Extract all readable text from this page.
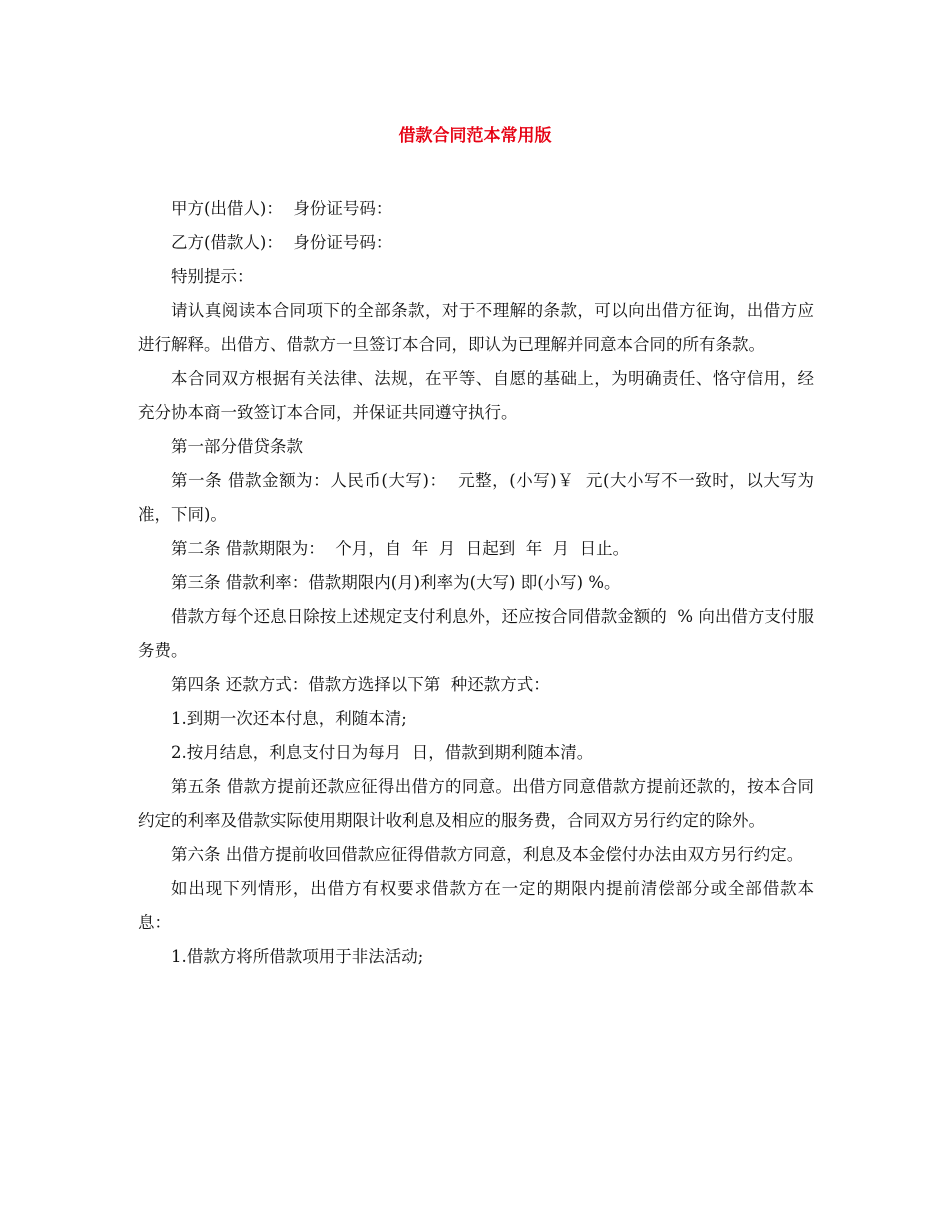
借款合同范本常用版

甲方(出借人)：  身份证号码：

乙方(借款人)：  身份证号码：

特别提示：

请认真阅读本合同项下的全部条款，对于不理解的条款，可以向出借方征询，出借方应进行解释。出借方、借款方一旦签订本合同，即认为已理解并同意本合同的所有条款。

本合同双方根据有关法律、法规，在平等、自愿的基础上，为明确责任、恪守信用，经充分协本商一致签订本合同，并保证共同遵守执行。

第一部分借贷条款

第一条 借款金额为：人民币(大写)：  元整，(小写)￥  元(大小写不一致时，以大写为准，下同)。

第二条 借款期限为：  个月，自  年  月  日起到  年  月  日止。

第三条 借款利率：借款期限内(月)利率为(大写) 即(小写) %。

借款方每个还息日除按上述规定支付利息外，还应按合同借款金额的  % 向出借方支付服务费。

第四条 还款方式：借款方选择以下第  种还款方式：

1.到期一次还本付息，利随本清;

2.按月结息，利息支付日为每月  日，借款到期利随本清。

第五条 借款方提前还款应征得出借方的同意。出借方同意借款方提前还款的，按本合同约定的利率及借款实际使用期限计收利息及相应的服务费，合同双方另行约定的除外。

第六条 出借方提前收回借款应征得借款方同意，利息及本金偿付办法由双方另行约定。

如出现下列情形，出借方有权要求借款方在一定的期限内提前清偿部分或全部借款本息：

1.借款方将所借款项用于非法活动;
